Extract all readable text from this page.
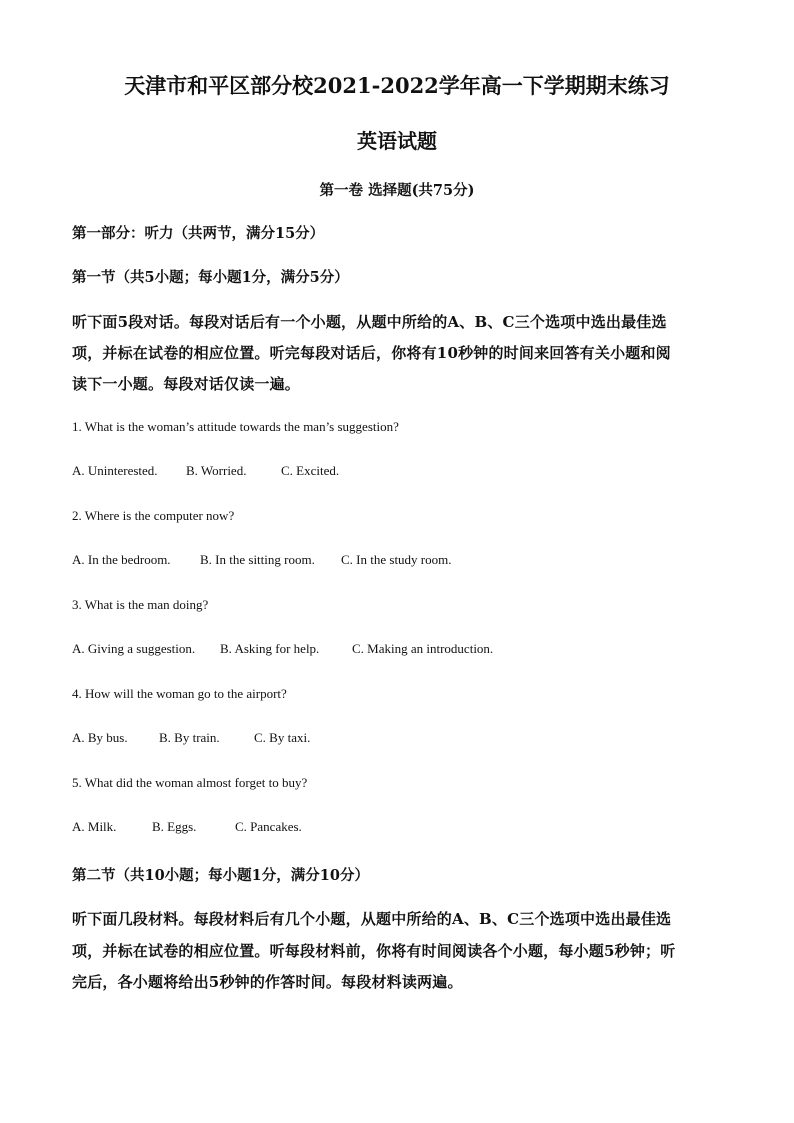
天津市和平区部分校2021-2022学年高一下学期期末练习
英语试题
第一卷 选择题(共75分)
第一部分：听力（共两节，满分15分）
第一节（共5小题；每小题1分，满分5分）
听下面5段对话。每段对话后有一个小题，从题中所给的A、B、C三个选项中选出最佳选
项，并标在试卷的相应位置。听完每段对话后，你将有10秒钟的时间来回答有关小题和阅
读下一小题。每段对话仅读一遍。
1. What is the woman’s attitude towards the man’s suggestion?
A. Uninterested.	B. Worried.	C. Excited.
2. Where is the computer now?
A. In the bedroom.	B. In the sitting room.	C. In the study room.
3. What is the man doing?
A. Giving a suggestion.	B. Asking for help.	C. Making an introduction.
4. How will the woman go to the airport?
A. By bus.	B. By train.	C. By taxi.
5. What did the woman almost forget to buy?
A. Milk.	B. Eggs.	C. Pancakes.
第二节（共10小题；每小题1分，满分10分）
听下面几段材料。每段材料后有几个小题，从题中所给的A、B、C三个选项中选出最佳选
项，并标在试卷的相应位置。听每段材料前，你将有时间阅读各个小题，每小题5秒钟；听
完后，各小题将给出5秒钟的作答时间。每段材料读两遍。
